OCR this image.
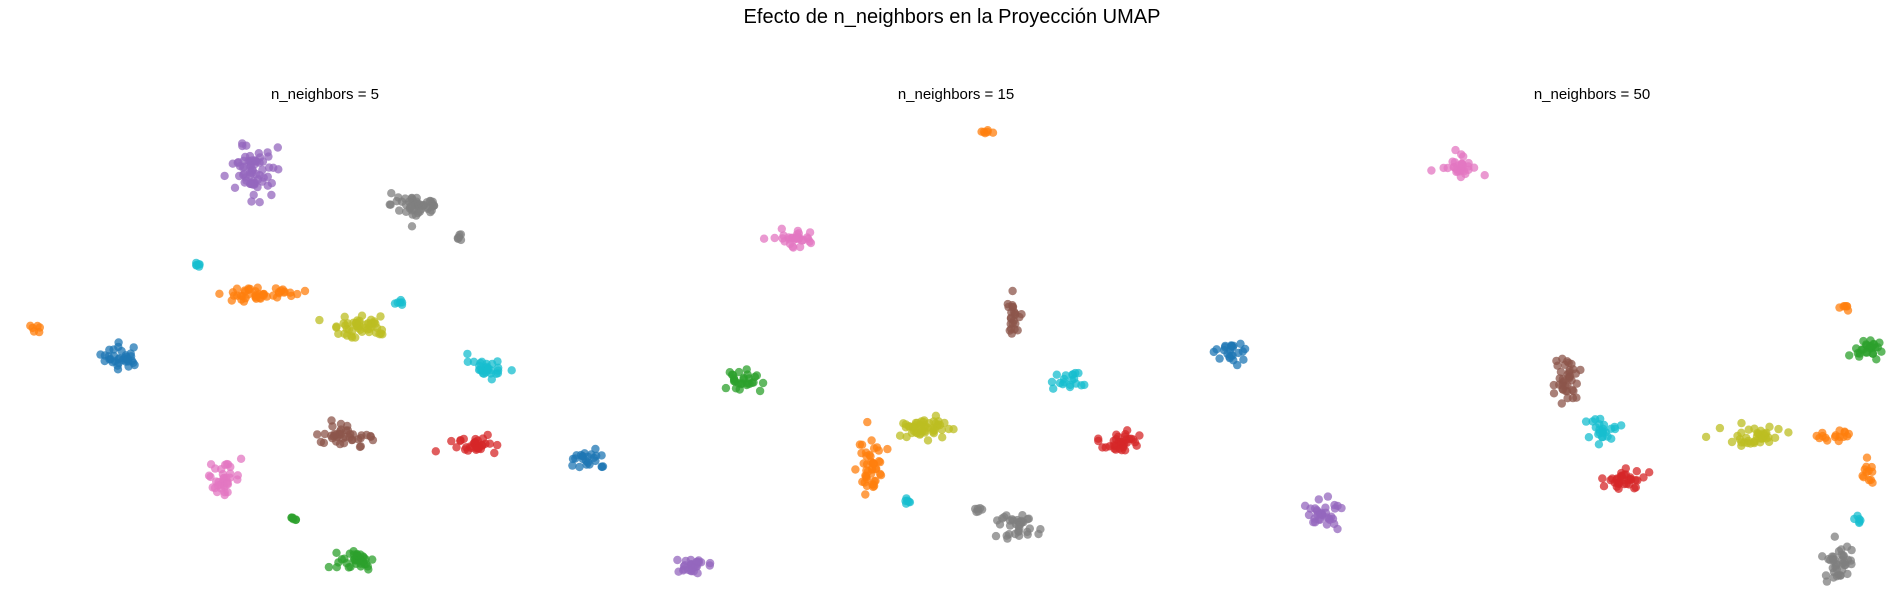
Efecto de n_neighbors en la Proyección UMAP
n_neighbors = 5	n_neighbors = 15	n_neighbors = 50
